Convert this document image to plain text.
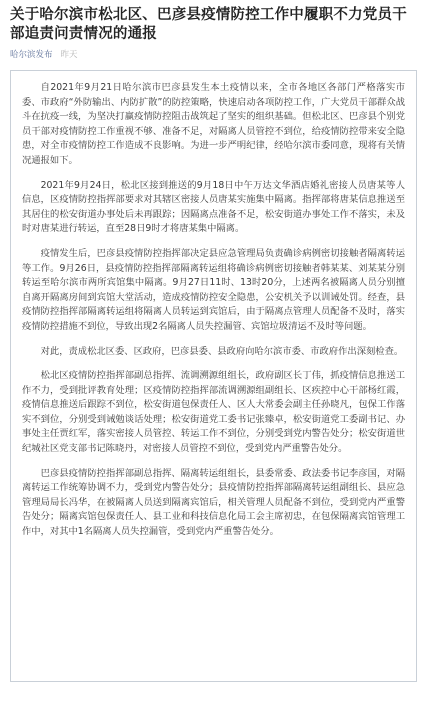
关于哈尔滨市松北区、巴彦县疫情防控工作中履职不力党员干部追责问责情况的通报
哈尔滨发布 昨天

自2021年9月21日哈尔滨市巴彦县发生本土疫情以来，全市各地区各部门严格落实市委、市政府“外防输出、内防扩散”的防控策略，快速启动各项防控工作，广大党员干部群众战斗在抗疫一线，为坚决打赢疫情防控阻击战筑起了坚实的组织基础。但松北区、巴彦县个别党员干部对疫情防控工作重视不够、准备不足，对隔离人员管控不到位，给疫情防控带来安全隐患，对全市疫情防控工作造成不良影响。为进一步严明纪律，经哈尔滨市委同意，现将有关情况通报如下。

2021年9月24日，松北区接到推送的9月18日中午万达文华酒店婚礼密接人员唐某等人信息，区疫情防控指挥部要求对其辖区密接人员唐某实施集中隔离。指挥部将唐某信息推送至其居住的松安街道办事处后未再跟踪；因隔离点准备不足，松安街道办事处工作不落实，未及时对唐某进行转运，直至28日9时才将唐某集中隔离。

疫情发生后，巴彦县疫情防控指挥部决定县应急管理局负责确诊病例密切接触者隔离转运等工作。9月26日，县疫情防控指挥部隔离转运组将确诊病例密切接触者韩某某、刘某某分别转运至哈尔滨市两所宾馆集中隔离。9月27日11时、13时20分，上述两名被隔离人员分别擅自离开隔离房间到宾馆大堂活动，造成疫情防控安全隐患，公安机关予以训诫处罚。经查，县疫情防控指挥部隔离转运组将隔离人员转运到宾馆后，由于隔离点管理人员配备不及时，落实疫情防控措施不到位，导致出现2名隔离人员失控漏管、宾馆垃圾清运不及时等问题。

对此，责成松北区委、区政府，巴彦县委、县政府向哈尔滨市委、市政府作出深刻检查。

松北区疫情防控指挥部副总指挥、流调溯源组组长，政府副区长丁伟，抓疫情信息推送工作不力，受到批评教育处理；区疫情防控指挥部流调溯源组副组长、区疾控中心干部杨红霞，疫情信息推送后跟踪不到位，松安街道包保责任人、区人大常委会副主任孙晓凡，包保工作落实不到位，分别受到诫勉谈话处理；松安街道党工委书记张臻卓，松安街道党工委副书记、办事处主任贾红军，落实密接人员管控、转运工作不到位，分别受到党内警告处分；松安街道世纪城社区党支部书记陈晓丹，对密接人员管控不到位，受到党内严重警告处分。

巴彦县疫情防控指挥部副总指挥、隔离转运组组长，县委常委、政法委书记李彦国，对隔离转运工作统筹协调不力，受到党内警告处分；县疫情防控指挥部隔离转运组副组长、县应急管理局局长冯华，在被隔离人员送到隔离宾馆后，相关管理人员配备不到位，受到党内严重警告处分；隔离宾馆包保责任人、县工业和科技信息化局工会主席初忠，在包保隔离宾馆管理工作中，对其中1名隔离人员失控漏管，受到党内严重警告处分。
